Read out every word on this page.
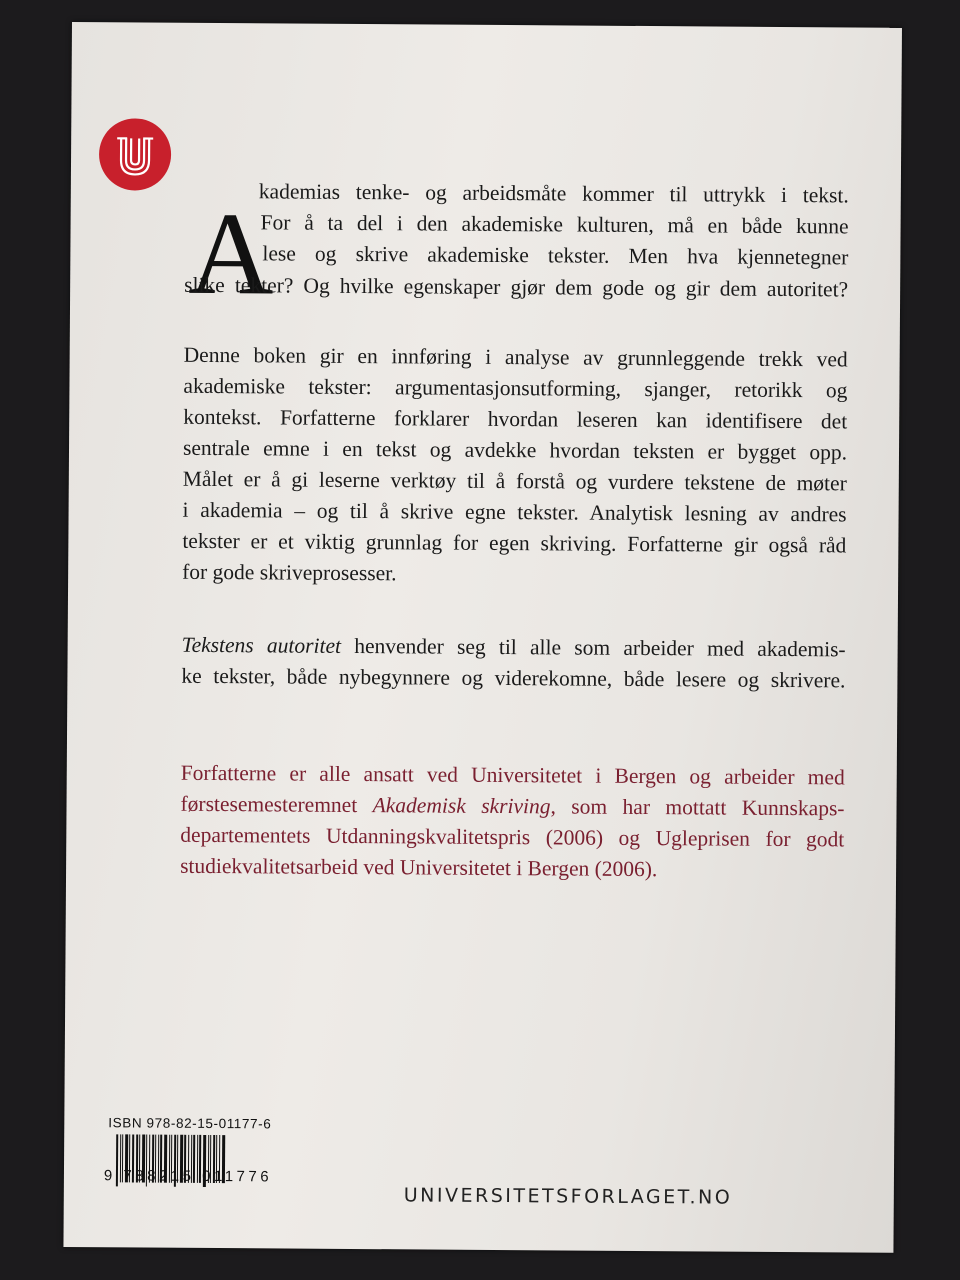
A
kademias tenke- og arbeidsmåte kommer til uttrykk i tekst.
For å ta del i den akademiske kulturen, må en både kunne
lese og skrive akademiske tekster. Men hva kjennetegner
slike tekter? Og hvilke egenskaper gjør dem gode og gir dem autoritet?
Denne boken gir en innføring i analyse av grunnleggende trekk ved
akademiske tekster: argumentasjonsutforming, sjanger, retorikk og
kontekst. Forfatterne forklarer hvordan leseren kan identifisere det
sentrale emne i en tekst og avdekke hvordan teksten er bygget opp.
Målet er å gi leserne verktøy til å forstå og vurdere tekstene de møter
i akademia – og til å skrive egne tekster. Analytisk lesning av andres
tekster er et viktig grunnlag for egen skriving. Forfatterne gir også råd
for gode skriveprosesser.
Tekstens autoritet henvender seg til alle som arbeider med akademis-
ke tekster, både nybegynnere og viderekomne, både lesere og skrivere.
Forfatterne er alle ansatt ved Universitetet i Bergen og arbeider med
førstesemesteremnet Akademisk skriving, som har mottatt Kunnskaps-
departementets Utdanningskvalitetspris (2006) og Ugleprisen for godt
studiekvalitetsarbeid ved Universitetet i Bergen (2006).
ISBN 978-82-15-01177-6
9 788215 011776
UNIVERSITETSFORLAGET.NO
